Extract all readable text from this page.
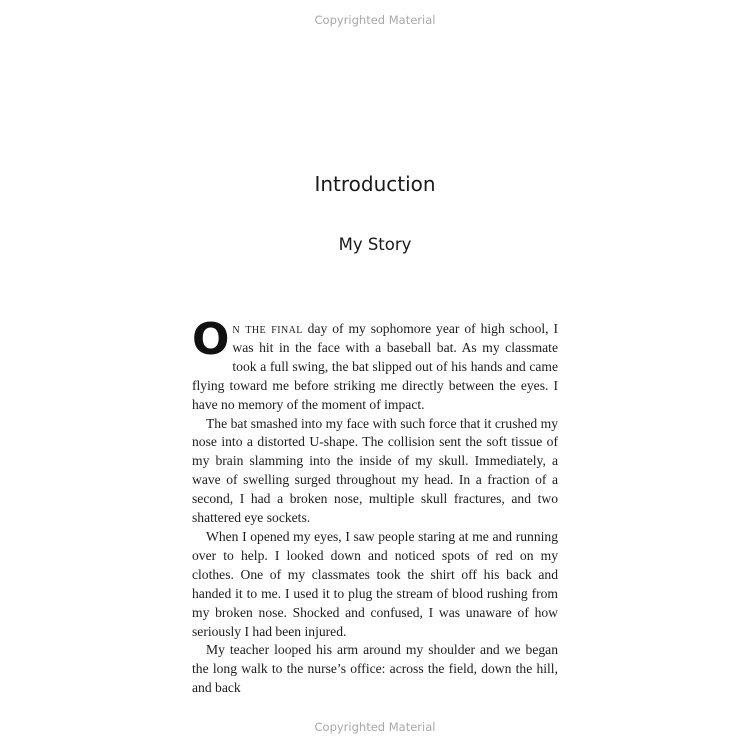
Copyrighted Material
Introduction
My Story

On the final day of my sophomore year of high school, I was hit in the face with a baseball bat. As my classmate took a full swing, the bat slipped out of his hands and came flying toward me before striking me directly between the eyes. I have no memory of the moment of impact.

The bat smashed into my face with such force that it crushed my nose into a distorted U-shape. The collision sent the soft tissue of my brain slamming into the inside of my skull. Immediately, a wave of swelling surged throughout my head. In a fraction of a second, I had a broken nose, multiple skull fractures, and two shattered eye sockets.

When I opened my eyes, I saw people staring at me and running over to help. I looked down and noticed spots of red on my clothes. One of my classmates took the shirt off his back and handed it to me. I used it to plug the stream of blood rushing from my broken nose. Shocked and confused, I was unaware of how seriously I had been injured.

My teacher looped his arm around my shoulder and we began the long walk to the nurse’s office: across the field, down the hill, and back

Copyrighted Material
